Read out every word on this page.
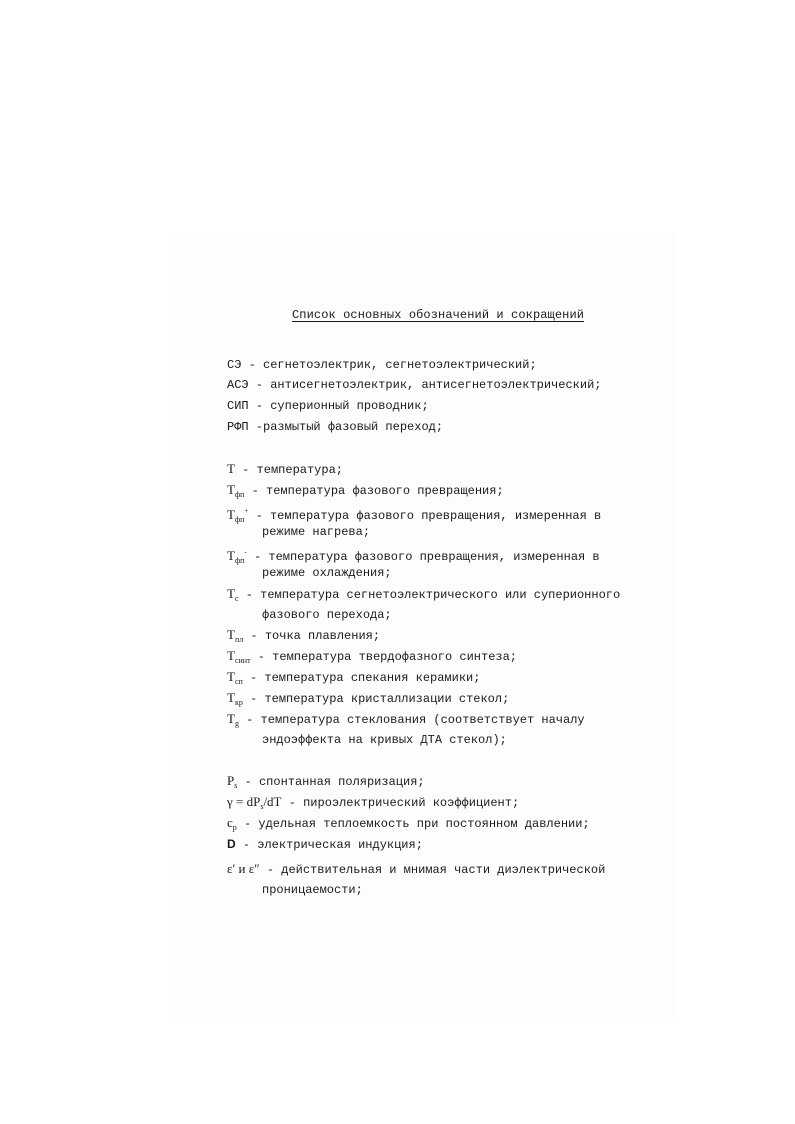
Список основных обозначений и сокращений
СЭ - сегнетоэлектрик, сегнетоэлектрический;
АСЭ - антисегнетоэлектрик, антисегнетоэлектрический;
СИП - суперионный проводник;
РФП -размытый фазовый переход;
T - температура;
$T_{фп}$ - температура фазового превращения;
$T_{фп}^+$ - температура фазового превращения, измеренная в
режиме нагрева;
$T_{фп}^-$ - температура фазового превращения, измеренная в
режиме охлаждения;
$T_c$ - температура сегнетоэлектрического или суперионного
фазового перехода;
$T_{пл}$ - точка плавления;
$T_{синт}$ - температура твердофазного синтеза;
$T_{сп}$ - температура спекания керамики;
$T_{кр}$ - температура кристаллизации стекол;
$T_g$ - температура стеклования (соответствует началу
эндоэффекта на кривых ДТА стекол);
$P_s$ - спонтанная поляризация;
$\gamma = dP_s/dT$ - пироэлектрический коэффициент;
$c_p$ - удельная теплоемкость при постоянном давлении;
D - электрическая индукция;
ε′ и ε″ - действительная и мнимая части диэлектрической
проницаемости;
